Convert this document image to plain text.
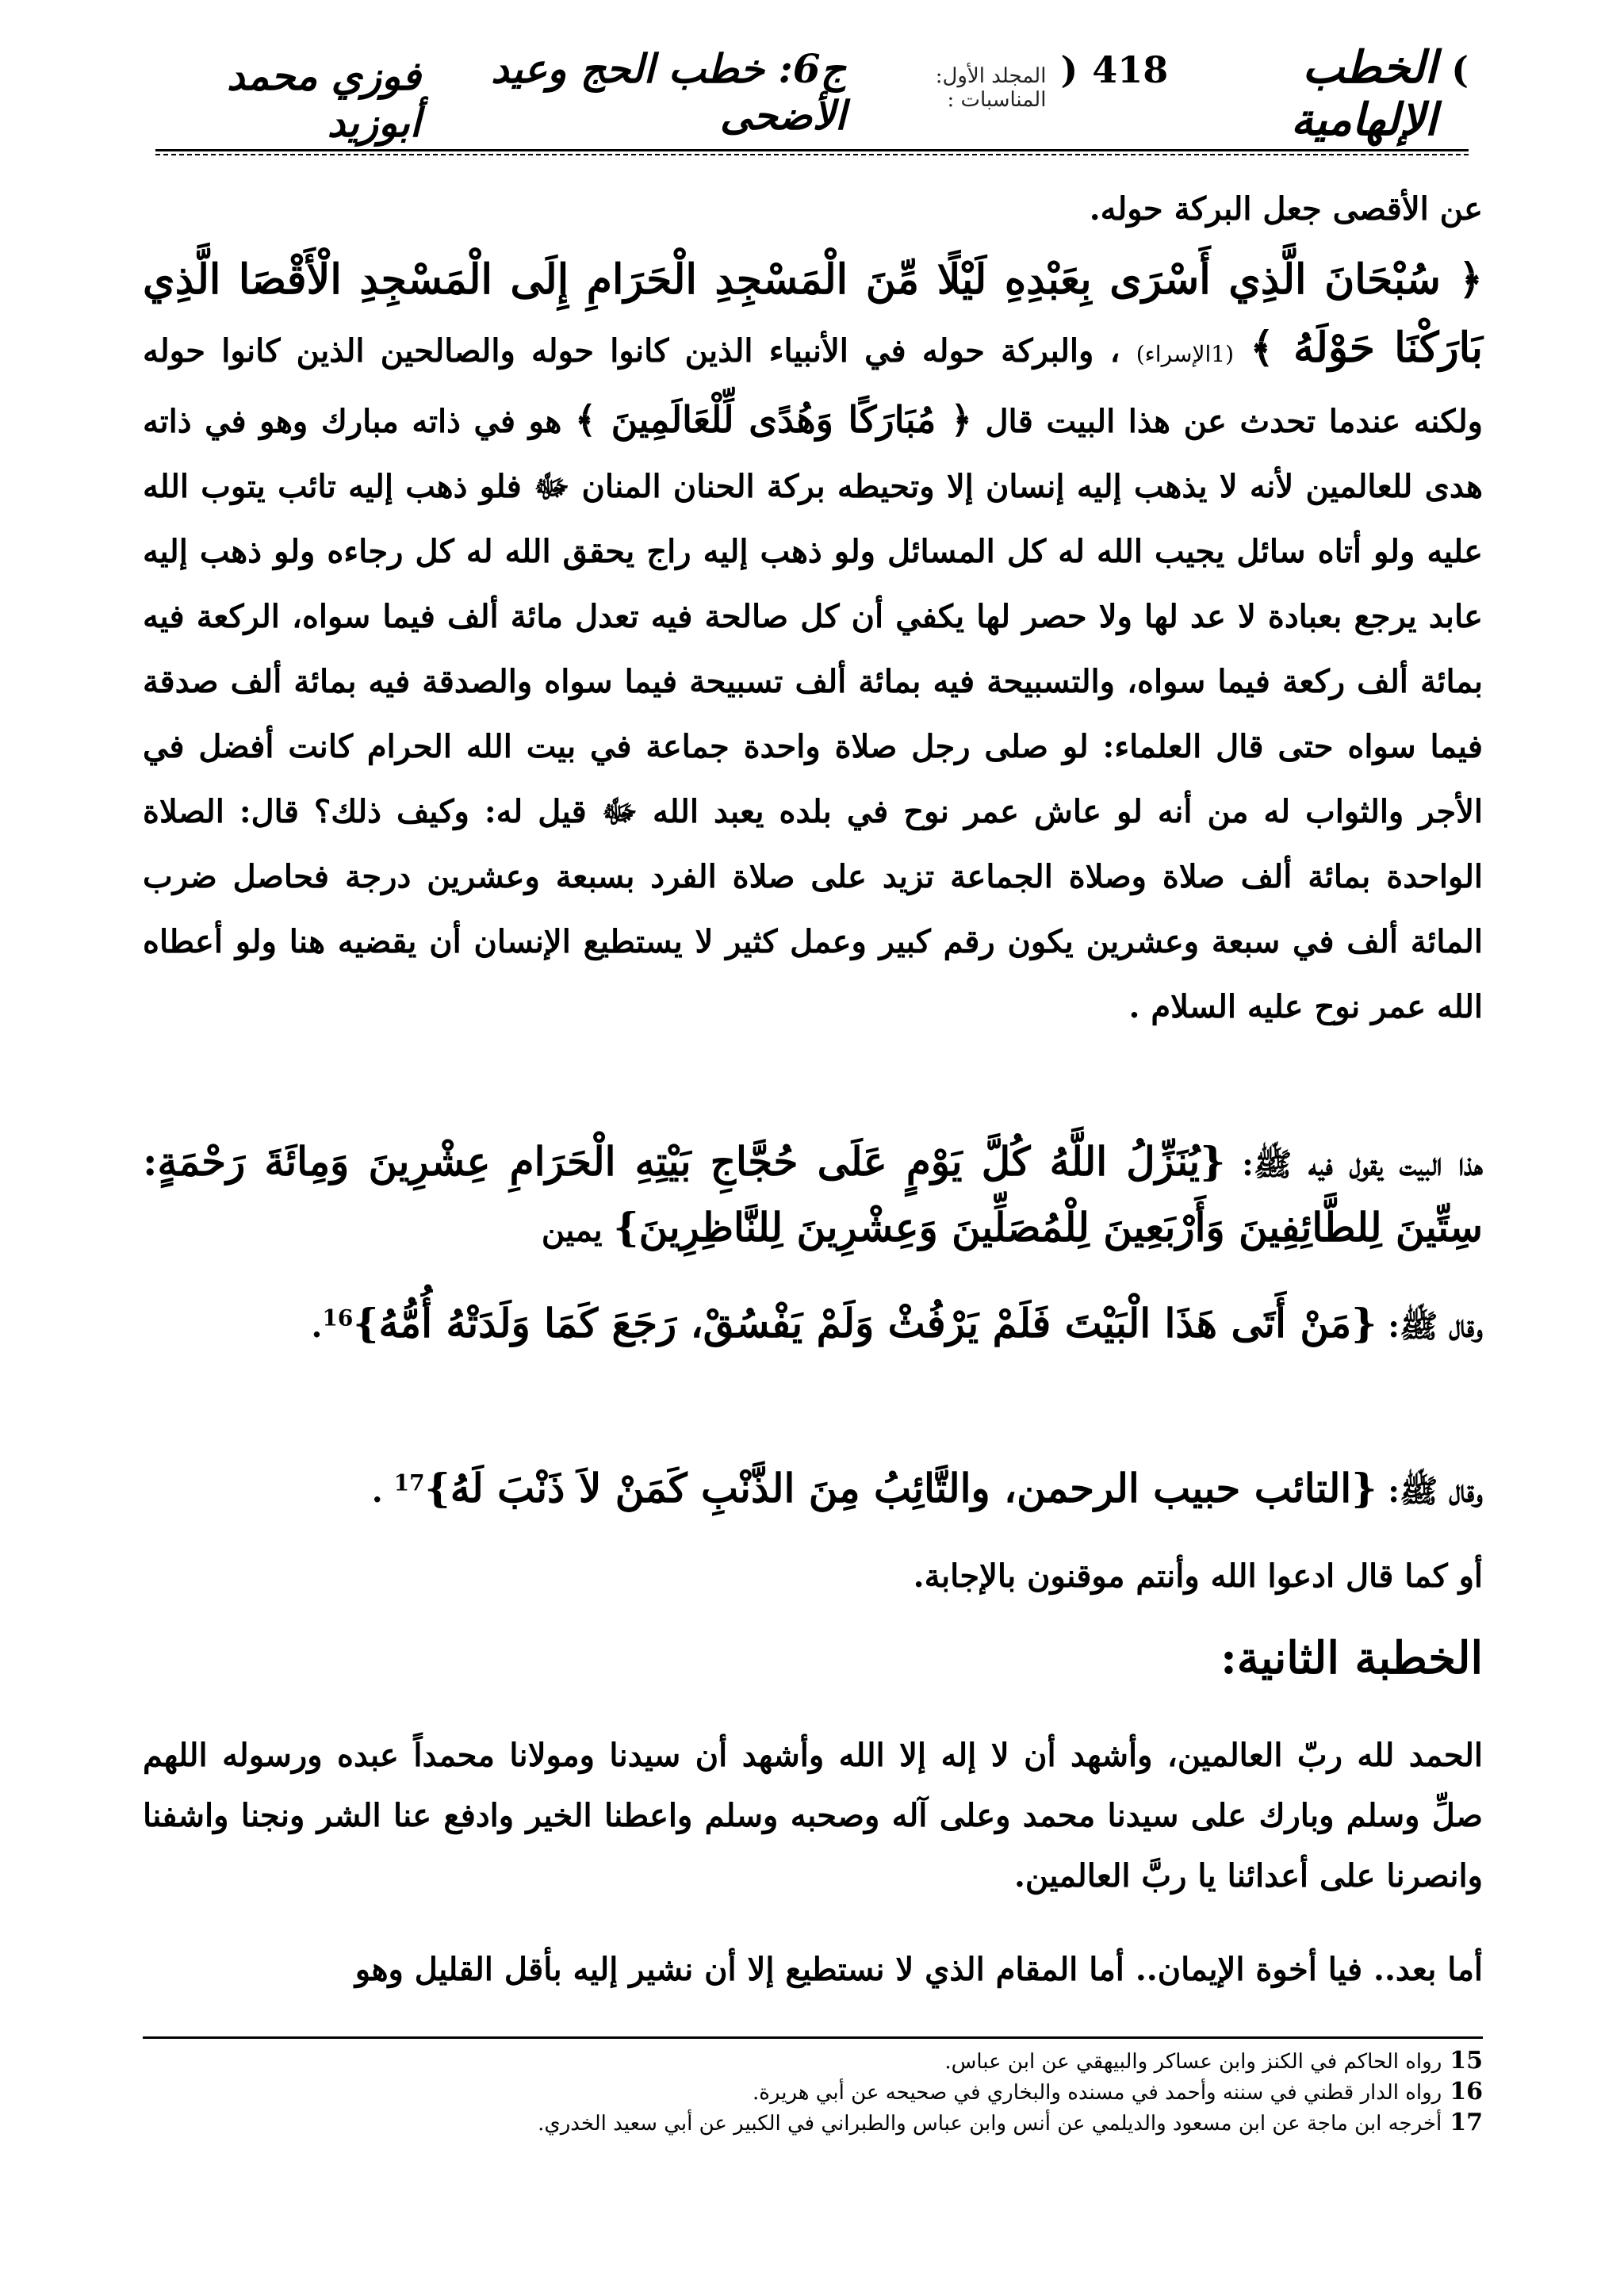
)
الخطب الإلهامية
418
(
المجلد الأول: المناسبات :
ج6: خطب الحج وعيد الأضحى
فوزي محمد أبوزيد
عن الأقصى جعل البركة حوله.
﴿ سُبْحَانَ الَّذِي أَسْرَى بِعَبْدِهِ لَيْلًا مِّنَ الْمَسْجِدِ الْحَرَامِ إِلَى الْمَسْجِدِ الْأَقْصَا الَّذِي بَارَكْنَا حَوْلَهُ ﴾ (1الإسراء) ، والبركة حوله في الأنبياء الذين كانوا حوله والصالحين الذين كانوا حوله ولكنه عندما تحدث عن هذا البيت قال ﴿ مُبَارَكًا وَهُدًى لِّلْعَالَمِينَ ﴾ هو في ذاته مبارك وهو في ذاته هدى للعالمين لأنه لا يذهب إليه إنسان إلا وتحيطه بركة الحنان المنان ﷻ فلو ذهب إليه تائب يتوب الله عليه ولو أتاه سائل يجيب الله له كل المسائل ولو ذهب إليه راج يحقق الله له كل رجاءه ولو ذهب إليه عابد يرجع بعبادة لا عد لها ولا حصر لها يكفي أن كل صالحة فيه تعدل مائة ألف فيما سواه، الركعة فيه بمائة ألف ركعة فيما سواه، والتسبيحة فيه بمائة ألف تسبيحة فيما سواه والصدقة فيه بمائة ألف صدقة فيما سواه حتى قال العلماء: لو صلى رجل صلاة واحدة جماعة في بيت الله الحرام كانت أفضل في الأجر والثواب له من أنه لو عاش عمر نوح في بلده يعبد الله ﷻ قيل له: وكيف ذلك؟ قال: الصلاة الواحدة بمائة ألف صلاة وصلاة الجماعة تزيد على صلاة الفرد بسبعة وعشرين درجة فحاصل ضرب المائة ألف في سبعة وعشرين يكون رقم كبير وعمل كثير لا يستطيع الإنسان أن يقضيه هنا ولو أعطاه الله عمر نوح عليه السلام .
هذا البيت يقول فيه ﷺ: {يُنَزِّلُ اللَّهُ كُلَّ يَوْمٍ عَلَى حُجَّاجِ بَيْتِهِ الْحَرَامِ عِشْرِينَ وَمِائَةَ رَحْمَةٍ: سِتِّينَ لِلطَّائِفِينَ وَأَرْبَعِينَ لِلْمُصَلِّينَ وَعِشْرِينَ لِلنَّاظِرِينَ} يمين
وقال ﷺ: {مَنْ أَتَى هَذَا الْبَيْتَ فَلَمْ يَرْفُثْ وَلَمْ يَفْسُقْ، رَجَعَ كَمَا وَلَدَتْهُ أُمُّهُ}$^{16}$.
وقال ﷺ: {التائب حبيب الرحمن، والتَّائِبُ مِنَ الذَّنْبِ كَمَنْ لاَ ذَنْبَ لَهُ}$^{17}$ .
أو كما قال ادعوا الله وأنتم موقنون بالإجابة.
الخطبة الثانية:
الحمد لله ربّ العالمين، وأشهد أن لا إله إلا الله وأشهد أن سيدنا ومولانا محمداً عبده ورسوله اللهم صلِّ وسلم وبارك على سيدنا محمد وعلى آله وصحبه وسلم واعطنا الخير وادفع عنا الشر ونجنا واشفنا وانصرنا على أعدائنا يا ربَّ العالمين.
أما بعد.. فيا أخوة الإيمان.. أما المقام الذي لا نستطيع إلا أن نشير إليه بأقل القليل وهو
15رواه الحاكم في الكنز وابن عساكر والبيهقي عن ابن عباس.
16رواه الدار قطني في سننه وأحمد في مسنده والبخاري في صحيحه عن أبي هريرة.
17أخرجه ابن ماجة عن ابن مسعود والديلمي عن أنس وابن عباس والطبراني في الكبير عن أبي سعيد الخدري.
